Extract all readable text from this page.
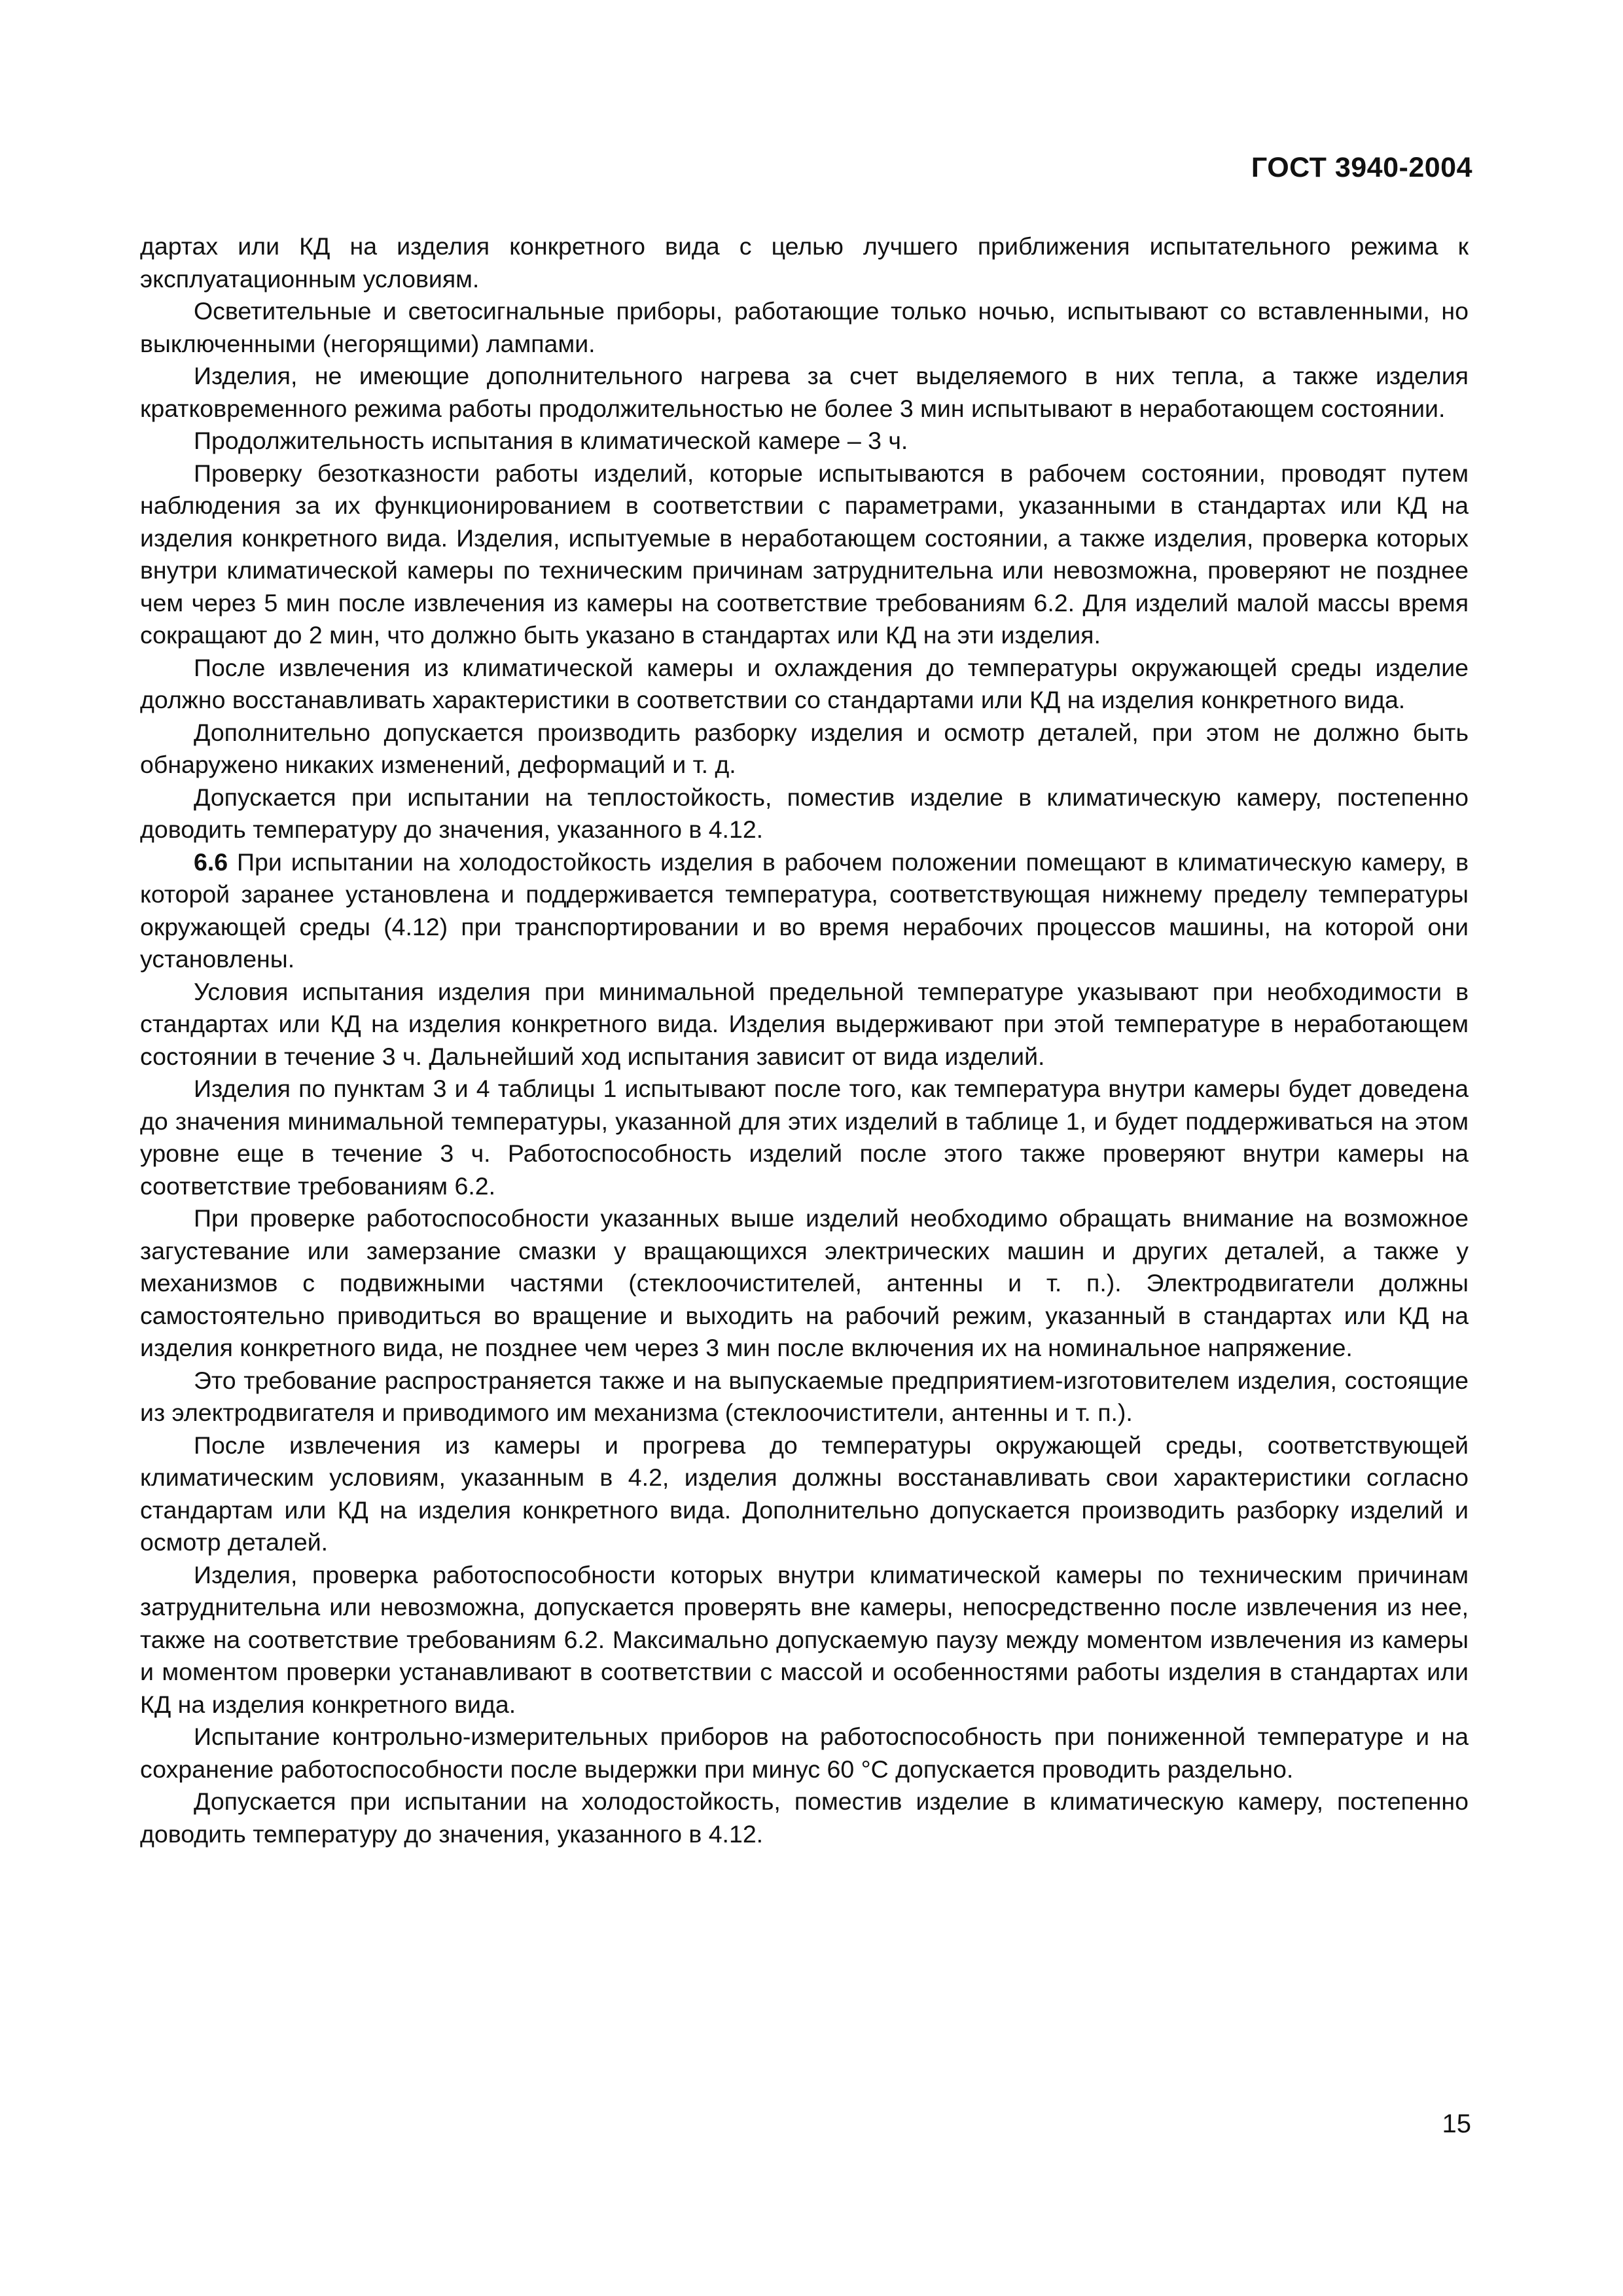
ГОСТ 3940-2004

дартах или КД на изделия конкретного вида с целью лучшего приближения испытательного режима к эксплуатационным условиям.

Осветительные и светосигнальные приборы, работающие только ночью, испытывают со вставленными, но выключенными (негорящими) лампами.

Изделия, не имеющие дополнительного нагрева за счет выделяемого в них тепла, а также изделия кратковременного режима работы продолжительностью не более 3 мин испытывают в неработающем состоянии.

Продолжительность испытания в климатической камере – 3 ч.

Проверку безотказности работы изделий, которые испытываются в рабочем состоянии, проводят путем наблюдения за их функционированием в соответствии с параметрами, указанными в стандартах или КД на изделия конкретного вида. Изделия, испытуемые в неработающем состоянии, а также изделия, проверка которых внутри климатической камеры по техническим причинам затруднительна или невозможна, проверяют не позднее чем через 5 мин после извлечения из камеры на соответствие требованиям 6.2. Для изделий малой массы время сокращают до 2 мин, что должно быть указано в стандартах или КД на эти изделия.

После извлечения из климатической камеры и охлаждения до температуры окружающей среды изделие должно восстанавливать характеристики в соответствии со стандартами или КД на изделия конкретного вида.

Дополнительно допускается производить разборку изделия и осмотр деталей, при этом не должно быть обнаружено никаких изменений, деформаций и т. д.

Допускается при испытании на теплостойкость, поместив изделие в климатическую камеру, постепенно доводить температуру до значения, указанного в 4.12.

6.6 При испытании на холодостойкость изделия в рабочем положении помещают в климатическую камеру, в которой заранее установлена и поддерживается температура, соответствующая нижнему пределу температуры окружающей среды (4.12) при транспортировании и во время нерабочих процессов машины, на которой они установлены.

Условия испытания изделия при минимальной предельной температуре указывают при необходимости в стандартах или КД на изделия конкретного вида. Изделия выдерживают при этой температуре в неработающем состоянии в течение 3 ч. Дальнейший ход испытания зависит от вида изделий.

Изделия по пунктам 3 и 4 таблицы 1 испытывают после того, как температура внутри камеры будет доведена до значения минимальной температуры, указанной для этих изделий в таблице 1, и будет поддерживаться на этом уровне еще в течение 3 ч. Работоспособность изделий после этого также проверяют внутри камеры на соответствие требованиям 6.2.

При проверке работоспособности указанных выше изделий необходимо обращать внимание на возможное загустевание или замерзание смазки у вращающихся электрических машин и других деталей, а также у механизмов с подвижными частями (стеклоочистителей, антенны и т. п.). Электродвигатели должны самостоятельно приводиться во вращение и выходить на рабочий режим, указанный в стандартах или КД на изделия конкретного вида, не позднее чем через 3 мин после включения их на номинальное напряжение.

Это требование распространяется также и на выпускаемые предприятием-изготовителем изделия, состоящие из электродвигателя и приводимого им механизма (стеклоочистители, антенны и т. п.).

После извлечения из камеры и прогрева до температуры окружающей среды, соответствующей климатическим условиям, указанным в 4.2, изделия должны восстанавливать свои характеристики согласно стандартам или КД на изделия конкретного вида. Дополнительно допускается производить разборку изделий и осмотр деталей.

Изделия, проверка работоспособности которых внутри климатической камеры по техническим причинам затруднительна или невозможна, допускается проверять вне камеры, непосредственно после извлечения из нее, также на соответствие требованиям 6.2. Максимально допускаемую паузу между моментом извлечения из камеры и моментом проверки устанавливают в соответствии с массой и особенностями работы изделия в стандартах или КД на изделия конкретного вида.

Испытание контрольно-измерительных приборов на работоспособность при пониженной температуре и на сохранение работоспособности после выдержки при минус 60 °С допускается проводить раздельно.

Допускается при испытании на холодостойкость, поместив изделие в климатическую камеру, постепенно доводить температуру до значения, указанного в 4.12.

15
